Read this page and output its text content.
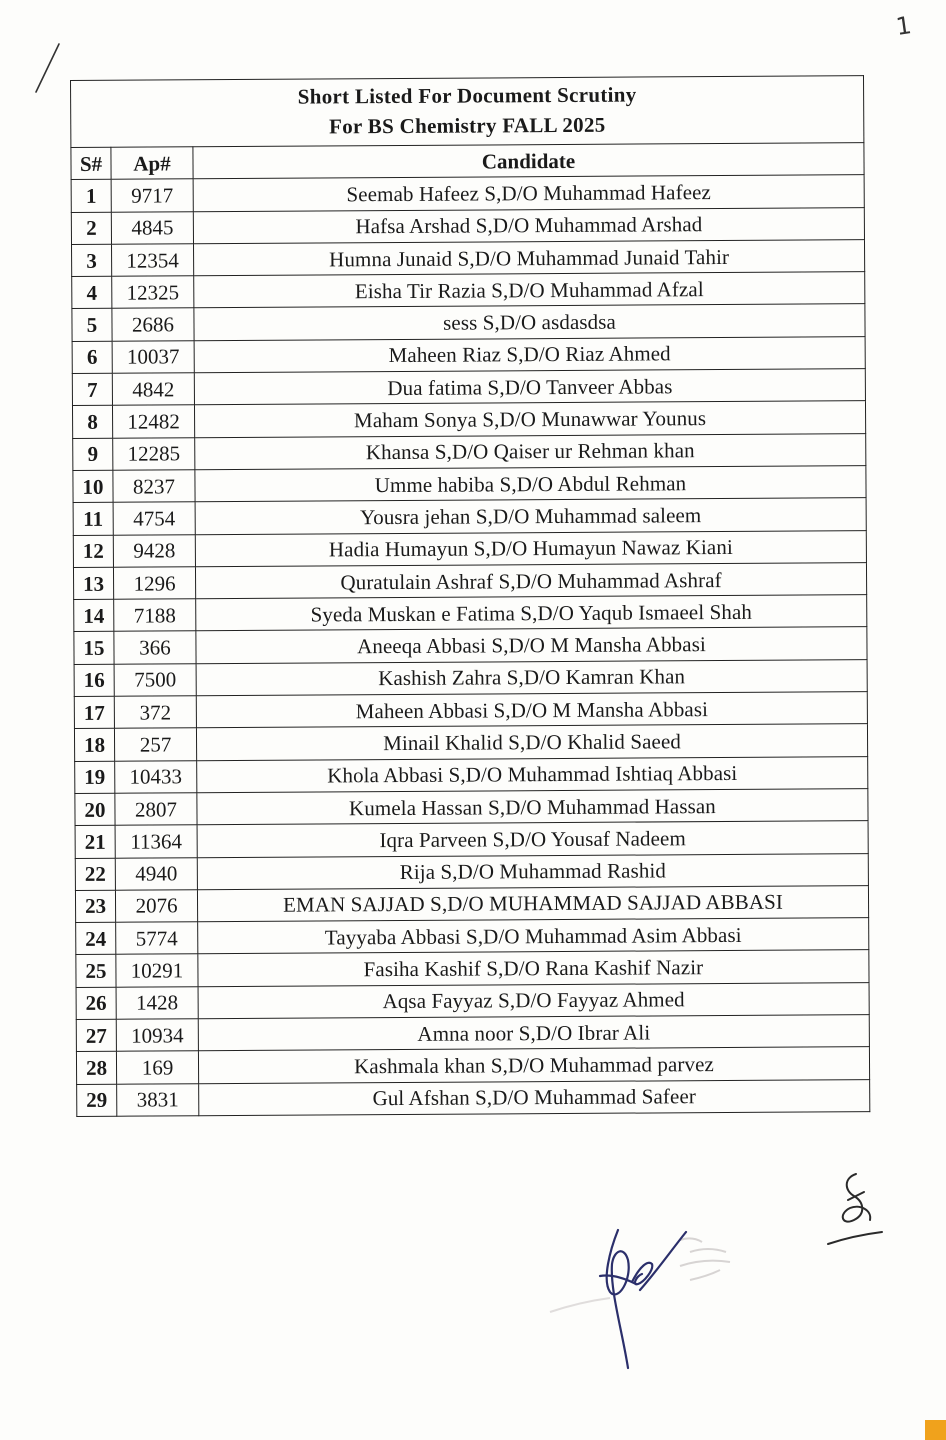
1
Short Listed For Document Scrutiny
For BS Chemistry FALL 2025
S#	Ap#	Candidate
1	9717	Seemab Hafeez S,D/O Muhammad Hafeez
2	4845	Hafsa Arshad S,D/O Muhammad Arshad
3	12354	Humna Junaid S,D/O Muhammad Junaid Tahir
4	12325	Eisha Tir Razia S,D/O Muhammad Afzal
5	2686	sess S,D/O asdasdsa
6	10037	Maheen Riaz S,D/O Riaz Ahmed
7	4842	Dua fatima S,D/O Tanveer Abbas
8	12482	Maham Sonya S,D/O Munawwar Younus
9	12285	Khansa S,D/O Qaiser ur Rehman khan
10	8237	Umme habiba S,D/O Abdul Rehman
11	4754	Yousra jehan S,D/O Muhammad saleem
12	9428	Hadia Humayun S,D/O Humayun Nawaz Kiani
13	1296	Quratulain Ashraf S,D/O Muhammad Ashraf
14	7188	Syeda Muskan e Fatima S,D/O Yaqub Ismaeel Shah
15	366	Aneeqa Abbasi S,D/O M Mansha Abbasi
16	7500	Kashish Zahra S,D/O Kamran Khan
17	372	Maheen Abbasi S,D/O M Mansha Abbasi
18	257	Minail Khalid S,D/O Khalid Saeed
19	10433	Khola Abbasi S,D/O Muhammad Ishtiaq Abbasi
20	2807	Kumela Hassan S,D/O Muhammad Hassan
21	11364	Iqra Parveen S,D/O Yousaf Nadeem
22	4940	Rija S,D/O Muhammad Rashid
23	2076	EMAN SAJJAD S,D/O MUHAMMAD SAJJAD ABBASI
24	5774	Tayyaba Abbasi S,D/O Muhammad Asim Abbasi
25	10291	Fasiha Kashif S,D/O Rana Kashif Nazir
26	1428	Aqsa Fayyaz S,D/O Fayyaz Ahmed
27	10934	Amna noor S,D/O Ibrar Ali
28	169	Kashmala khan S,D/O Muhammad parvez
29	3831	Gul Afshan S,D/O Muhammad Safeer
